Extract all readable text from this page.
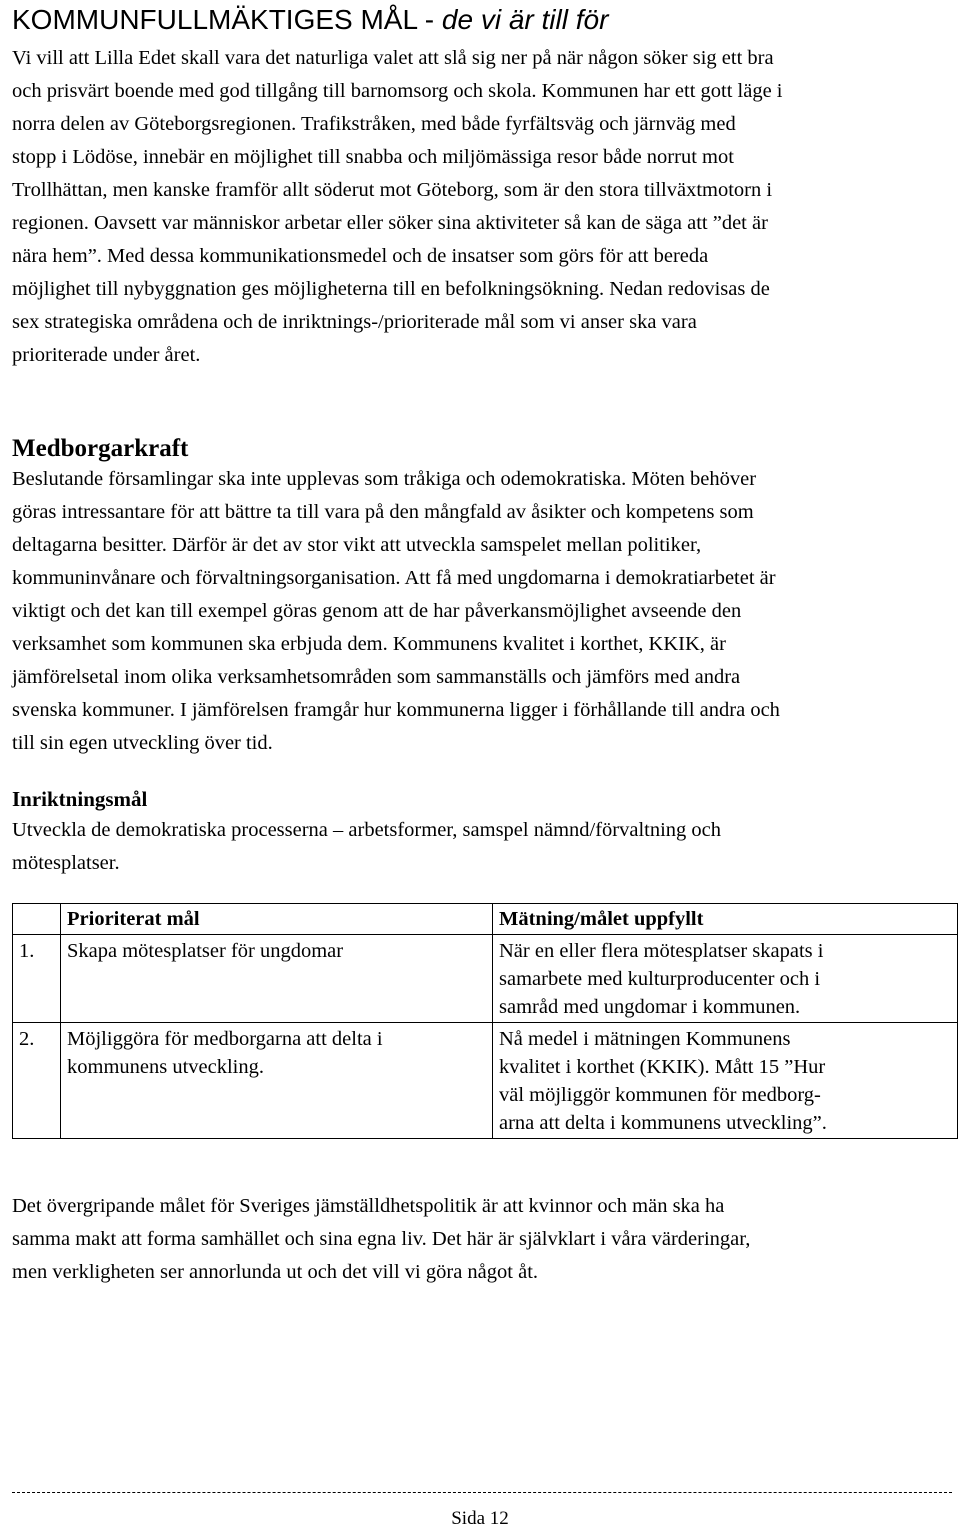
KOMMUNFULLMÄKTIGES MÅL - de vi är till för

Vi vill att Lilla Edet skall vara det naturliga valet att slå sig ner på när någon söker sig ett bra
och prisvärt boende med god tillgång till barnomsorg och skola. Kommunen har ett gott läge i
norra delen av Göteborgsregionen. Trafikstråken, med både fyrfältsväg och järnväg med
stopp i Lödöse, innebär en möjlighet till snabba och miljömässiga resor både norrut mot
Trollhättan, men kanske framför allt söderut mot Göteborg, som är den stora tillväxtmotorn i
regionen. Oavsett var människor arbetar eller söker sina aktiviteter så kan de säga att ”det är
nära hem”. Med dessa kommunikationsmedel och de insatser som görs för att bereda
möjlighet till nybyggnation ges möjligheterna till en befolkningsökning. Nedan redovisas de
sex strategiska områdena och de inriktnings-/prioriterade mål som vi anser ska vara
prioriterade under året.

Medborgarkraft

Beslutande församlingar ska inte upplevas som tråkiga och odemokratiska. Möten behöver
göras intressantare för att bättre ta till vara på den mångfald av åsikter och kompetens som
deltagarna besitter. Därför är det av stor vikt att utveckla samspelet mellan politiker,
kommuninvånare och förvaltningsorganisation. Att få med ungdomarna i demokratiarbetet är
viktigt och det kan till exempel göras genom att de har påverkansmöjlighet avseende den
verksamhet som kommunen ska erbjuda dem. Kommunens kvalitet i korthet, KKIK, är
jämförelsetal inom olika verksamhetsområden som sammanställs och jämförs med andra
svenska kommuner. I jämförelsen framgår hur kommunerna ligger i förhållande till andra och
till sin egen utveckling över tid.

Inriktningsmål

Utveckla de demokratiska processerna – arbetsformer, samspel nämnd/förvaltning och
mötesplatser.

	Prioriterat mål	Mätning/målet uppfyllt
1.	Skapa mötesplatser för ungdomar	När en eller flera mötesplatser skapats i
samarbete med kulturproducenter och i
samråd med ungdomar i kommunen.

2.	Möjliggöra för medborgarna att delta i
kommunens utveckling.	Nå medel i mätningen Kommunens
kvalitet i korthet (KKIK). Mått 15 ”Hur
väl möjliggör kommunen för medborg-
arna att delta i kommunens utveckling”.

Det övergripande målet för Sveriges jämställdhetspolitik är att kvinnor och män ska ha
samma makt att forma samhället och sina egna liv. Det här är självklart i våra värderingar,
men verkligheten ser annorlunda ut och det vill vi göra något åt.

Sida 12
